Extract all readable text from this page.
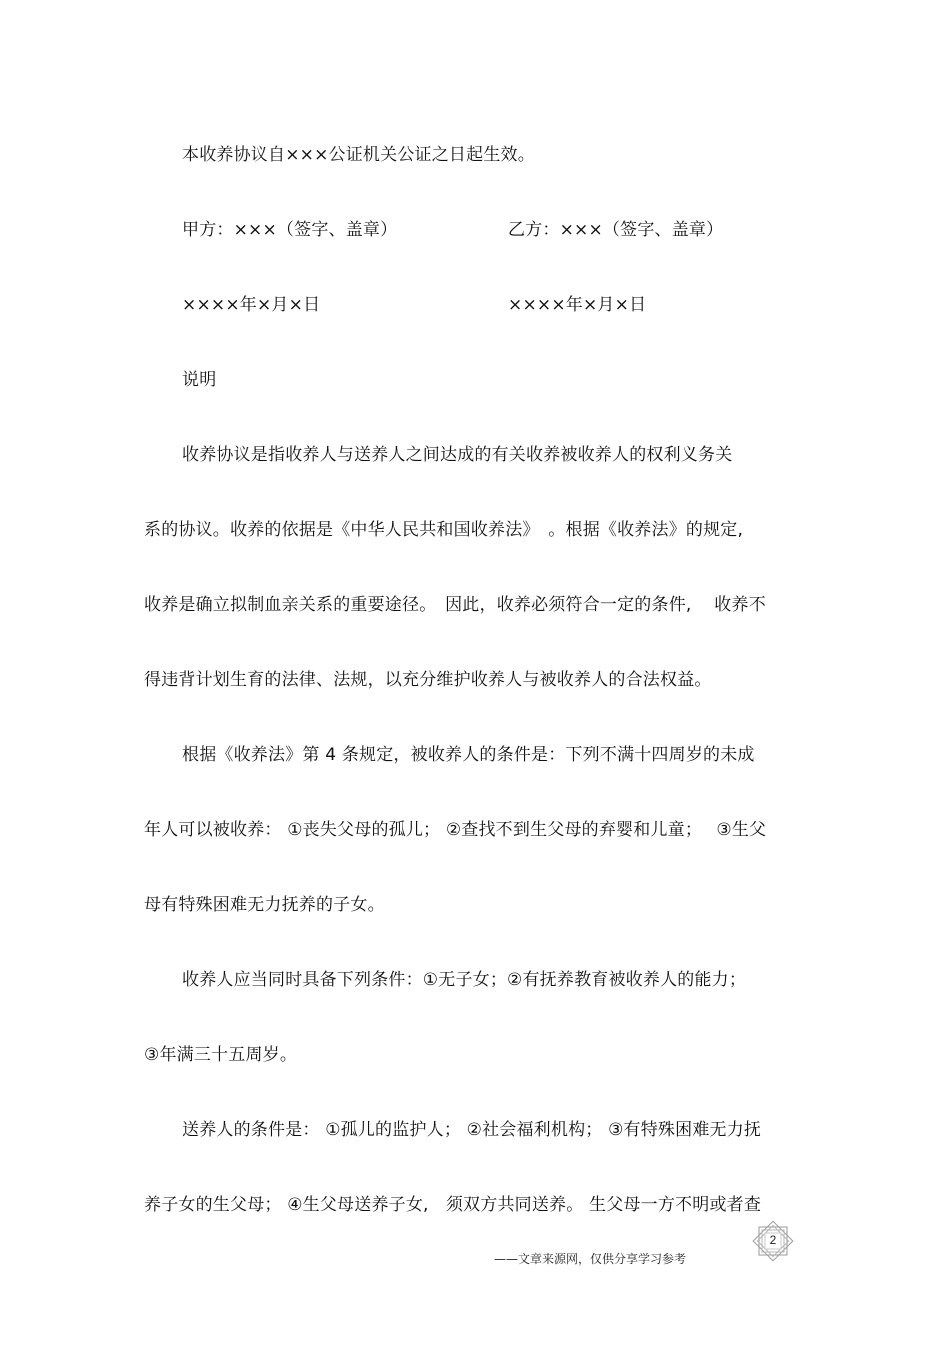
本收养协议自×××公证机关公证之日起生效。
甲方：×××（签字、盖章）	乙方：×××（签字、盖章）
××××年×月×日	××××年×月×日
说明
收养协议是指收养人与送养人之间达成的有关收养被收养人的权利义务关
系的协议。收养的依据是《中华人民共和国收养法》　。根据《收养法》的规定,
收养是确立拟制血亲关系的重要途径。　因此，收养必须符合一定的条件,　 收养不
得违背计划生育的法律、法规，以充分维护收养人与被收养人的合法权益。
根据《收养法》第 4 条规定，被收养人的条件是：下列不满十四周岁的未成
年人可以被收养： ①丧失父母的孤儿； ②查找不到生父母的弃婴和儿童；　 ③生父
母有特殊困难无力抚养的子女。
收养人应当同时具备下列条件：①无子女；②有抚养教育被收养人的能力；
③年满三十五周岁。
送养人的条件是： ①孤儿的监护人； ②社会福利机构； ③有特殊困难无力抚
养子女的生父母； ④生父母送养子女,　须双方共同送养。 生父母一方不明或者查
2
——文章来源网，仅供分享学习参考
